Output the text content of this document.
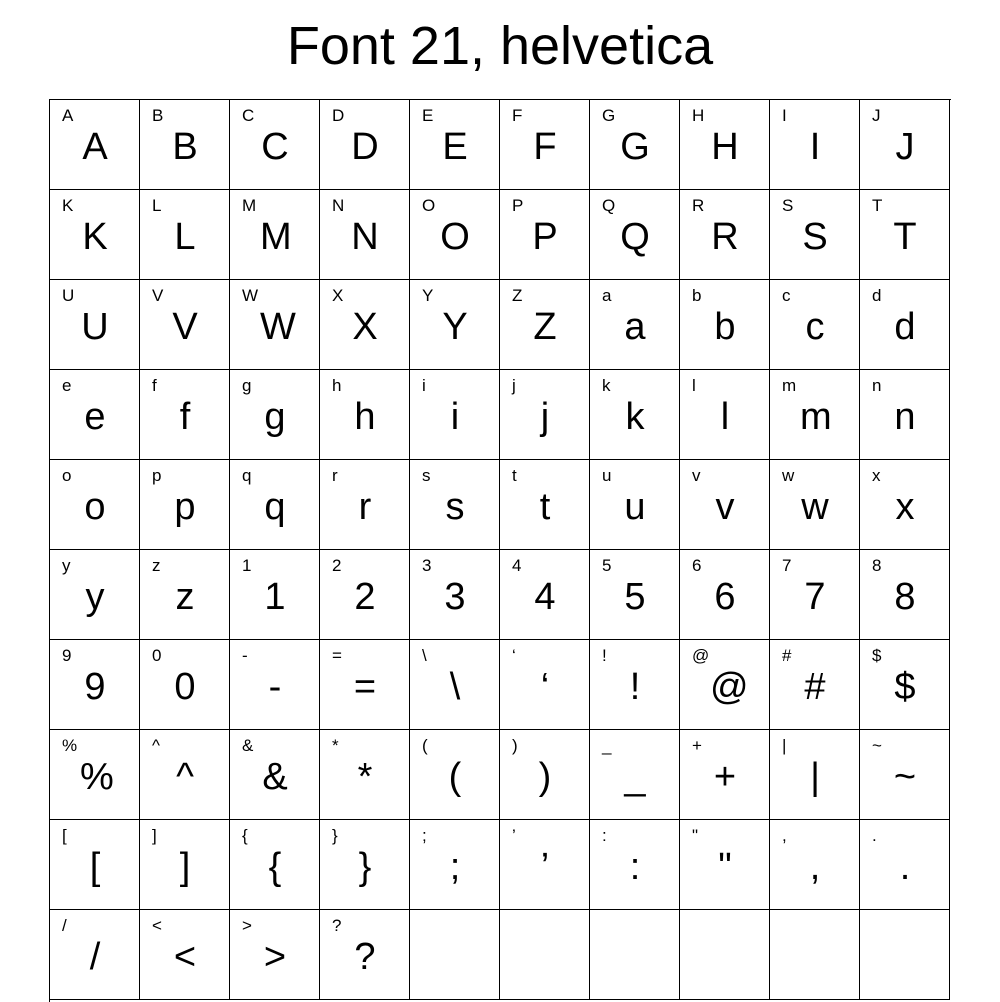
Font 21, helvetica
A
A
B
B
C
C
D
D
E
E
F
F
G
G
H
H
I
I
J
J
K
K
L
L
M
M
N
N
O
O
P
P
Q
Q
R
R
S
S
T
T
U
U
V
V
W
W
X
X
Y
Y
Z
Z
a
a
b
b
c
c
d
d
e
e
f
f
g
g
h
h
i
i
j
j
k
k
l
l
m
m
n
n
o
o
p
p
q
q
r
r
s
s
t
t
u
u
v
v
w
w
x
x
y
y
z
z
1
1
2
2
3
3
4
4
5
5
6
6
7
7
8
8
9
9
0
0
-
-
=
=
\
\
‘
‘
!
!
@
@
#
#
$
$
%
%
^
^
&
&
*
*
(
(
)
)
_
_
+
+
|
|
~
~
[
[
]
]
{
{
}
}
;
;
’
’
:
:
"
"
,
,
.
.
/
/
<
<
>
>
?
?
